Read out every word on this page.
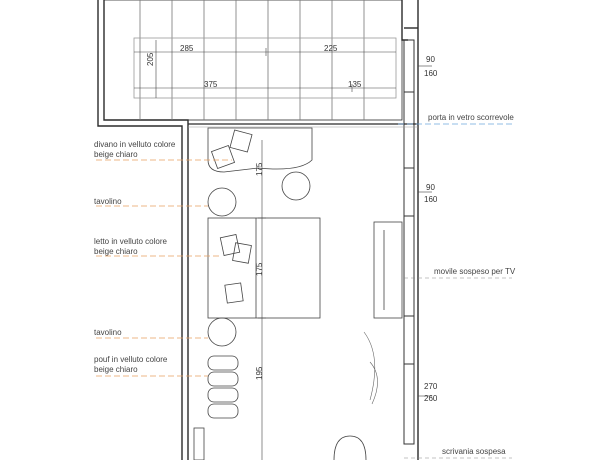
285	225
205
375	135
90
160
90
160
270
260
175
175
195
divano in velluto colore
beige chiaro
tavolino
letto in velluto colore
beige chiaro
tavolino
pouf in velluto colore
beige chiaro
porta in vetro scorrevole
movile sospeso per TV
scrivania sospesa
